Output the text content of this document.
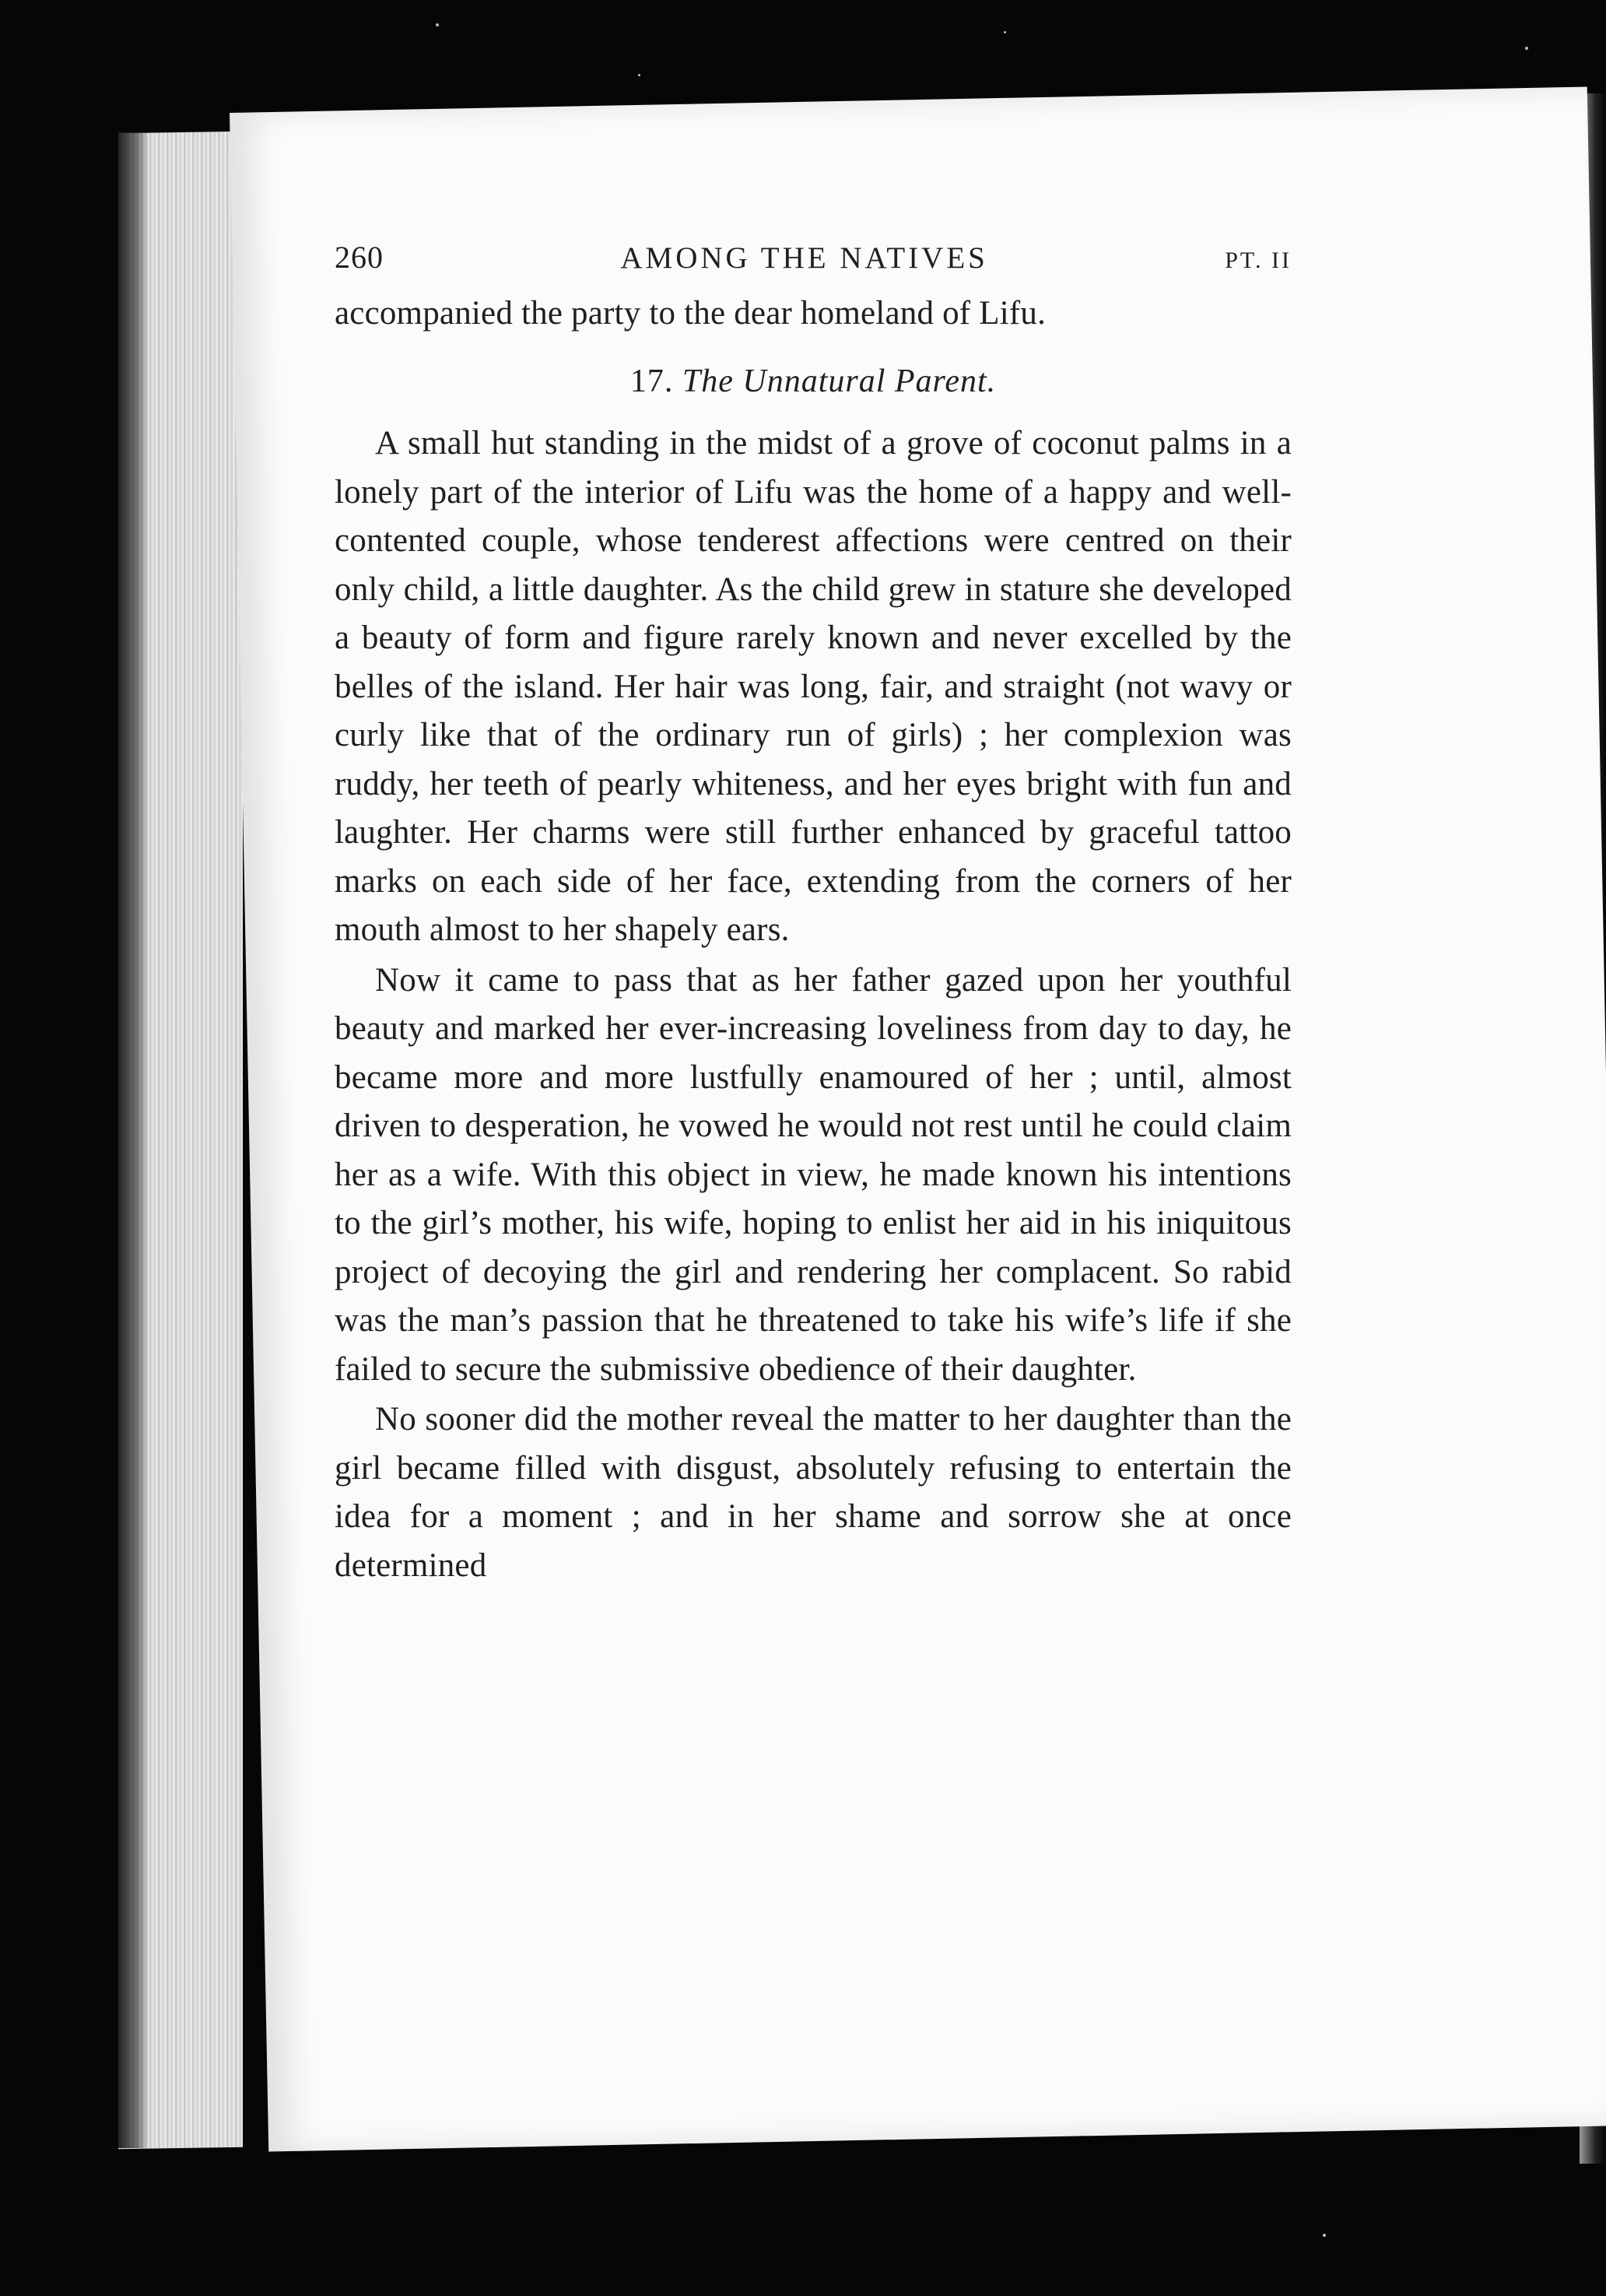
260	AMONG THE NATIVES	PT. II

accompanied the party to the dear homeland of Lifu.

17. The Unnatural Parent.

A small hut standing in the midst of a grove of coconut palms in a lonely part of the interior of Lifu was the home of a happy and well-contented couple, whose tenderest affections were centred on their only child, a little daughter. As the child grew in stature she developed a beauty of form and figure rarely known and never excelled by the belles of the island. Her hair was long, fair, and straight (not wavy or curly like that of the ordinary run of girls) ; her complexion was ruddy, her teeth of pearly whiteness, and her eyes bright with fun and laughter. Her charms were still further enhanced by graceful tattoo marks on each side of her face, extending from the corners of her mouth almost to her shapely ears.

Now it came to pass that as her father gazed upon her youthful beauty and marked her ever-increasing loveliness from day to day, he became more and more lustfully enamoured of her ; until, almost driven to desperation, he vowed he would not rest until he could claim her as a wife. With this object in view, he made known his intentions to the girl’s mother, his wife, hoping to enlist her aid in his iniquitous project of decoying the girl and rendering her complacent. So rabid was the man’s passion that he threatened to take his wife’s life if she failed to secure the submissive obedience of their daughter.

No sooner did the mother reveal the matter to her daughter than the girl became filled with disgust, absolutely refusing to entertain the idea for a moment ; and in her shame and sorrow she at once determined
